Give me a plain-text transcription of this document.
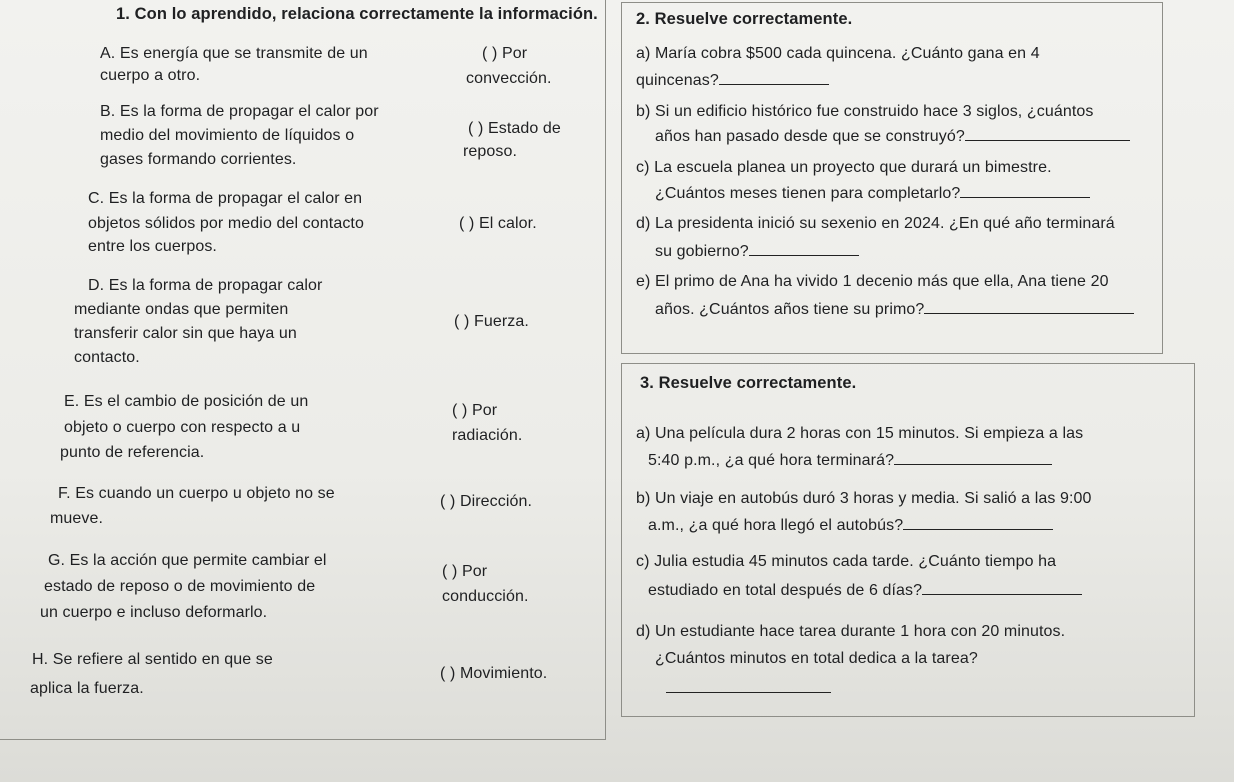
1. Con lo aprendido, relaciona correctamente la información.
A. Es energía que se transmite de un
cuerpo a otro.
B. Es la forma de propagar el calor por
medio del movimiento de líquidos o
gases formando corrientes.
C. Es la forma de propagar el calor en
objetos sólidos por medio del contacto
entre los cuerpos.
D. Es la forma de propagar calor
mediante ondas que permiten
transferir calor sin que haya un
contacto.
E. Es el cambio de posición de un
objeto o cuerpo con respecto a u
punto de referencia.
F. Es cuando un cuerpo u objeto no se
mueve.
G. Es la acción que permite cambiar el
estado de reposo o de movimiento de
un cuerpo e incluso deformarlo.
H. Se refiere al sentido en que se
aplica la fuerza.
( ) Por
convección.
( ) Estado de
reposo.
( ) El calor.
( ) Fuerza.
( ) Por
radiación.
( ) Dirección.
( ) Por
conducción.
( ) Movimiento.
2. Resuelve correctamente.
a) María cobra $500 cada quincena. ¿Cuánto gana en 4
quincenas?
b) Si un edificio histórico fue construido hace 3 siglos, ¿cuántos
años han pasado desde que se construyó?
c) La escuela planea un proyecto que durará un bimestre.
¿Cuántos meses tienen para completarlo?
d) La presidenta inició su sexenio en 2024. ¿En qué año terminará
su gobierno?
e) El primo de Ana ha vivido 1 decenio más que ella, Ana tiene 20
años. ¿Cuántos años tiene su primo?
3. Resuelve correctamente.
a) Una película dura 2 horas con 15 minutos. Si empieza a las
5:40 p.m., ¿a qué hora terminará?
b) Un viaje en autobús duró 3 horas y media. Si salió a las 9:00
a.m., ¿a qué hora llegó el autobús?
c) Julia estudia 45 minutos cada tarde. ¿Cuánto tiempo ha
estudiado en total después de 6 días?
d) Un estudiante hace tarea durante 1 hora con 20 minutos.
¿Cuántos minutos en total dedica a la tarea?
